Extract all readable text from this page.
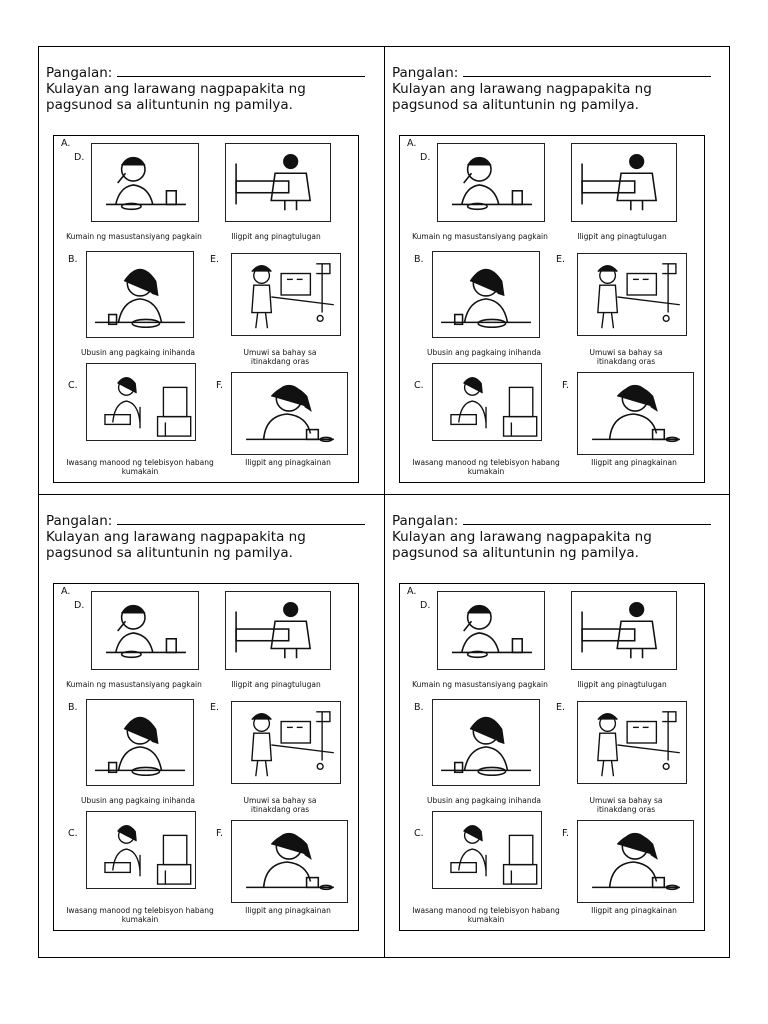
Pangalan:
Kulayan ang larawang nagpapakita ng pagsunod sa alituntunin ng pamilya.
A.
D.
Kumain ng masustansiyang pagkain	Iligpit ang pinagtulugan
B.	E.
Ubusin ang pagkaing inihanda	Umuwi sa bahay sa itinakdang oras
C.	F.
Iwasang manood ng telebisyon habang kumakain
Iligpit ang pinagkainan
Pangalan:
Kulayan ang larawang nagpapakita ng pagsunod sa alituntunin ng pamilya.
A.
D.
Kumain ng masustansiyang pagkain	Iligpit ang pinagtulugan
B.	E.
Ubusin ang pagkaing inihanda	Umuwi sa bahay sa itinakdang oras
C.	F.
Iwasang manood ng telebisyon habang kumakain
Iligpit ang pinagkainan
Pangalan:
Kulayan ang larawang nagpapakita ng pagsunod sa alituntunin ng pamilya.
A.
D.
Kumain ng masustansiyang pagkain	Iligpit ang pinagtulugan
B.	E.
Ubusin ang pagkaing inihanda	Umuwi sa bahay sa itinakdang oras
C.	F.
Iwasang manood ng telebisyon habang kumakain
Iligpit ang pinagkainan
Pangalan:
Kulayan ang larawang nagpapakita ng pagsunod sa alituntunin ng pamilya.
A.
D.
Kumain ng masustansiyang pagkain	Iligpit ang pinagtulugan
B.	E.
Ubusin ang pagkaing inihanda	Umuwi sa bahay sa itinakdang oras
C.	F.
Iwasang manood ng telebisyon habang kumakain
Iligpit ang pinagkainan
